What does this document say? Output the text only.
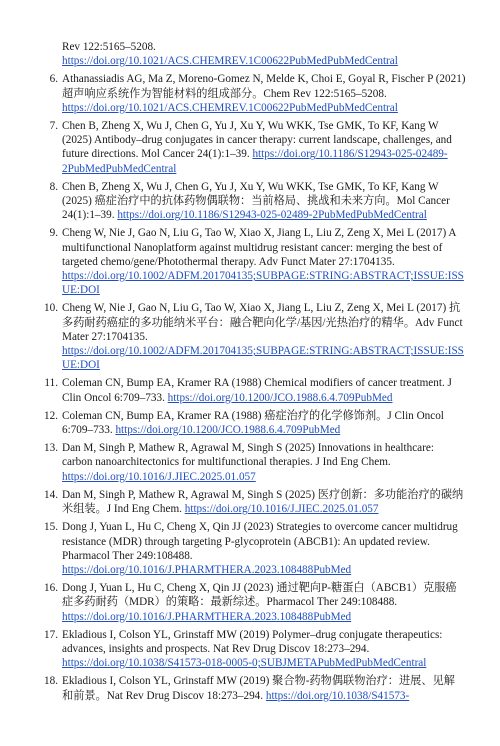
Rev 122:5165–5208. https://doi.org/10.1021/ACS.CHEMREV.1C00622PubMedPubMedCentral
6. Athanassiadis AG, Ma Z, Moreno-Gomez N, Melde K, Choi E, Goyal R, Fischer P (2021) 超声响应系统作为智能材料的组成部分。Chem Rev 122:5165–5208. https://doi.org/10.1021/ACS.CHEMREV.1C00622PubMedPubMedCentral
7. Chen B, Zheng X, Wu J, Chen G, Yu J, Xu Y, Wu WKK, Tse GMK, To KF, Kang W (2025) Antibody–drug conjugates in cancer therapy: current landscape, challenges, and future directions. Mol Cancer 24(1):1–39. https://doi.org/10.1186/S12943-025-02489-2PubMedPubMedCentral
8. Chen B, Zheng X, Wu J, Chen G, Yu J, Xu Y, Wu WKK, Tse GMK, To KF, Kang W (2025) 癌症治疗中的抗体药物偶联物：当前格局、挑战和未来方向。Mol Cancer 24(1):1–39. https://doi.org/10.1186/S12943-025-02489-2PubMedPubMedCentral
9. Cheng W, Nie J, Gao N, Liu G, Tao W, Xiao X, Jiang L, Liu Z, Zeng X, Mei L (2017) A multifunctional Nanoplatform against multidrug resistant cancer: merging the best of targeted chemo/gene/Photothermal therapy. Adv Funct Mater 27:1704135. https://doi.org/10.1002/ADFM.201704135;SUBPAGE:STRING:ABSTRACT;ISSUE:ISSUE:DOI
10. Cheng W, Nie J, Gao N, Liu G, Tao W, Xiao X, Jiang L, Liu Z, Zeng X, Mei L (2017) 抗多药耐药癌症的多功能纳米平台：融合靶向化学/基因/光热治疗的精华。Adv Funct Mater 27:1704135. https://doi.org/10.1002/ADFM.201704135;SUBPAGE:STRING:ABSTRACT;ISSUE:ISSUE:DOI
11. Coleman CN, Bump EA, Kramer RA (1988) Chemical modifiers of cancer treatment. J Clin Oncol 6:709–733. https://doi.org/10.1200/JCO.1988.6.4.709PubMed
12. Coleman CN, Bump EA, Kramer RA (1988) 癌症治疗的化学修饰剂。J Clin Oncol 6:709–733. https://doi.org/10.1200/JCO.1988.6.4.709PubMed
13. Dan M, Singh P, Mathew R, Agrawal M, Singh S (2025) Innovations in healthcare: carbon nanoarchitectonics for multifunctional therapies. J Ind Eng Chem. https://doi.org/10.1016/J.JIEC.2025.01.057
14. Dan M, Singh P, Mathew R, Agrawal M, Singh S (2025) 医疗创新：多功能治疗的碳纳米组装。J Ind Eng Chem. https://doi.org/10.1016/J.JIEC.2025.01.057
15. Dong J, Yuan L, Hu C, Cheng X, Qin JJ (2023) Strategies to overcome cancer multidrug resistance (MDR) through targeting P-glycoprotein (ABCB1): An updated review. Pharmacol Ther 249:108488. https://doi.org/10.1016/J.PHARMTHERA.2023.108488PubMed
16. Dong J, Yuan L, Hu C, Cheng X, Qin JJ (2023) 通过靶向P-糖蛋白（ABCB1）克服癌症多药耐药（MDR）的策略：最新综述。Pharmacol Ther 249:108488. https://doi.org/10.1016/J.PHARMTHERA.2023.108488PubMed
17. Ekladious I, Colson YL, Grinstaff MW (2019) Polymer–drug conjugate therapeutics: advances, insights and prospects. Nat Rev Drug Discov 18:273–294. https://doi.org/10.1038/S41573-018-0005-0;SUBJMETAPubMedPubMedCentral
18. Ekladious I, Colson YL, Grinstaff MW (2019) 聚合物-药物偶联物治疗：进展、见解和前景。Nat Rev Drug Discov 18:273–294. https://doi.org/10.1038/S41573-
